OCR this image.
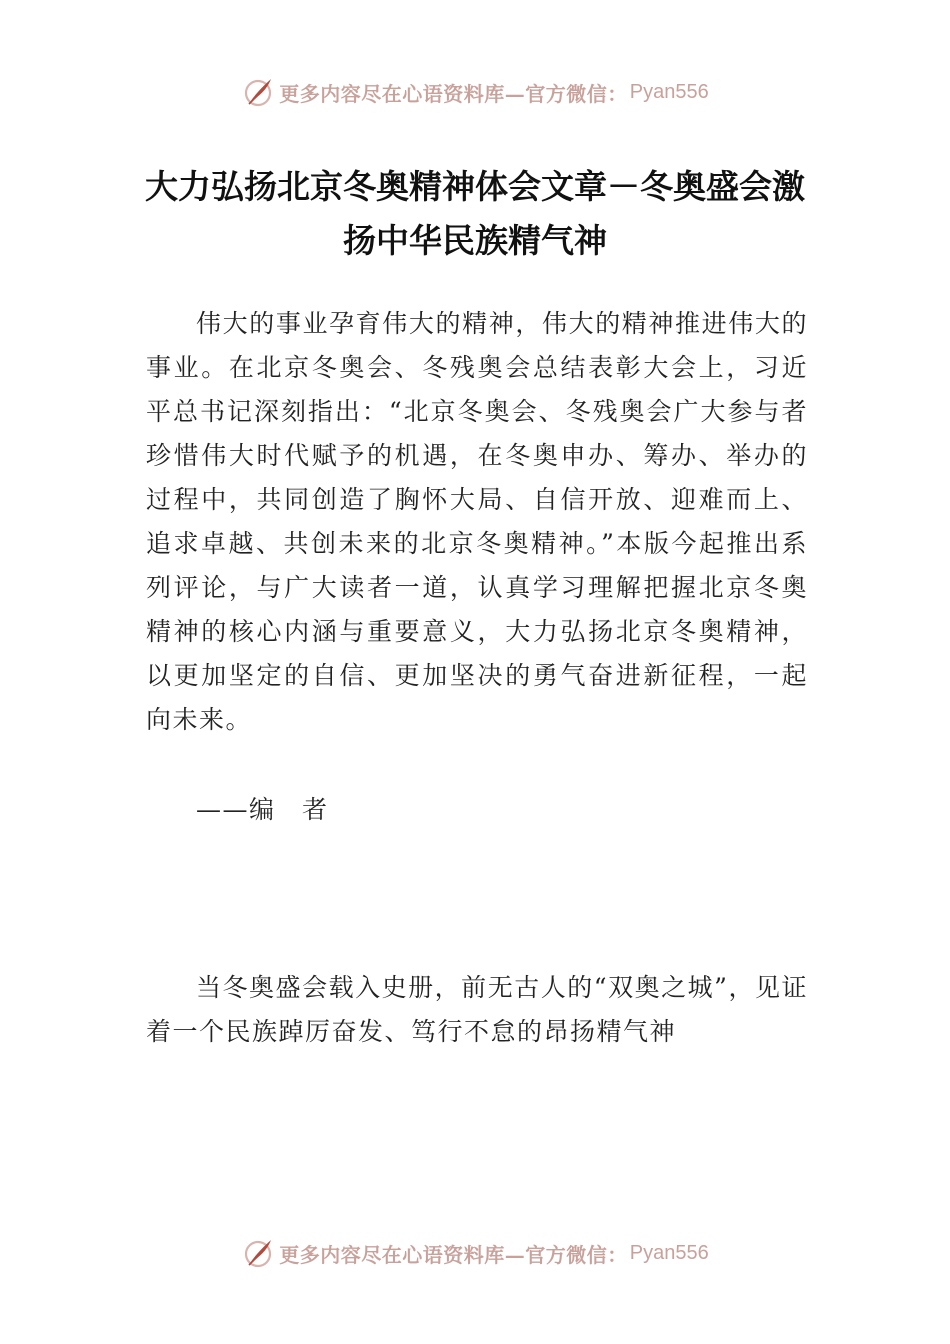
更多内容尽在心语资料库 —官方微信： Pyan556
大力弘扬北京冬奥精神体会文章－冬奥盛会激扬中华民族精气神

伟大的事业孕育伟大的精神，伟大的精神推进伟大的事业。在北京冬奥会、冬残奥会总结表彰大会上，习近平总书记深刻指出：“北京冬奥会、冬残奥会广大参与者珍惜伟大时代赋予的机遇，在冬奥申办、筹办、举办的过程中，共同创造了胸怀大局、自信开放、迎难而上、追求卓越、共创未来的北京冬奥精神。”本版今起推出系列评论，与广大读者一道，认真学习理解把握北京冬奥精神的核心内涵与重要意义，大力弘扬北京冬奥精神，以更加坚定的自信、更加坚决的勇气奋进新征程，一起向未来。

——编　者

当冬奥盛会载入史册，前无古人的“双奥之城”，见证着一个民族踔厉奋发、笃行不怠的昂扬精气神

更多内容尽在心语资料库 —官方微信： Pyan556
